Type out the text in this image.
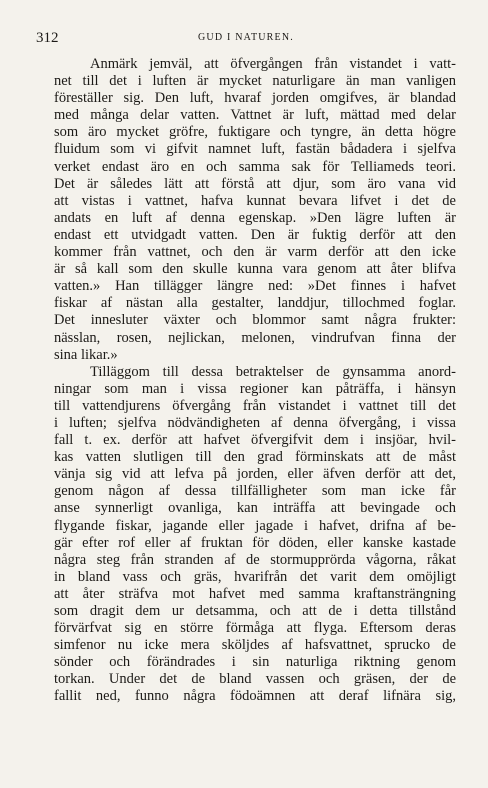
312	GUD I NATUREN.
Anmärk jemväl, att öfvergången från vistandet i vatt-
net till det i luften är mycket naturligare än man vanligen
föreställer sig. Den luft, hvaraf jorden omgifves, är blandad
med många delar vatten. Vattnet är luft, mättad med delar
som äro mycket gröfre, fuktigare och tyngre, än detta högre
fluidum som vi gifvit namnet luft, fastän bådadera i sjelfva
verket endast äro en och samma sak för Telliameds teori.
Det är således lätt att förstå att djur, som äro vana vid
att vistas i vattnet, hafva kunnat bevara lifvet i det de
andats en luft af denna egenskap. »Den lägre luften är
endast ett utvidgadt vatten. Den är fuktig derför att den
kommer från vattnet, och den är varm derför att den icke
är så kall som den skulle kunna vara genom att åter blifva
vatten.» Han tillägger längre ned: »Det finnes i hafvet
fiskar af nästan alla gestalter, landdjur, tillochmed foglar.
Det innesluter växter och blommor samt några frukter:
nässlan, rosen, nejlickan, melonen, vindrufvan finna der
sina likar.»
Tilläggom till dessa betraktelser de gynsamma anord-
ningar som man i vissa regioner kan påträffa, i hänsyn
till vattendjurens öfvergång från vistandet i vattnet till det
i luften; sjelfva nödvändigheten af denna öfvergång, i vissa
fall t. ex. derför att hafvet öfvergifvit dem i insjöar, hvil-
kas vatten slutligen till den grad förminskats att de måst
vänja sig vid att lefva på jorden, eller äfven derför att det,
genom någon af dessa tillfälligheter som man icke får
anse synnerligt ovanliga, kan inträffa att bevingade och
flygande fiskar, jagande eller jagade i hafvet, drifna af be-
gär efter rof eller af fruktan för döden, eller kanske kastade
några steg från stranden af de stormupprörda vågorna, råkat
in bland vass och gräs, hvarifrån det varit dem omöjligt
att åter sträfva mot hafvet med samma kraftansträngning
som dragit dem ur detsamma, och att de i detta tillstånd
förvärfvat sig en större förmåga att flyga. Eftersom deras
simfenor nu icke mera sköljdes af hafsvattnet, sprucko de
sönder och förändrades i sin naturliga riktning genom
torkan. Under det de bland vassen och gräsen, der de
fallit ned, funno några födoämnen att deraf lifnära sig,
